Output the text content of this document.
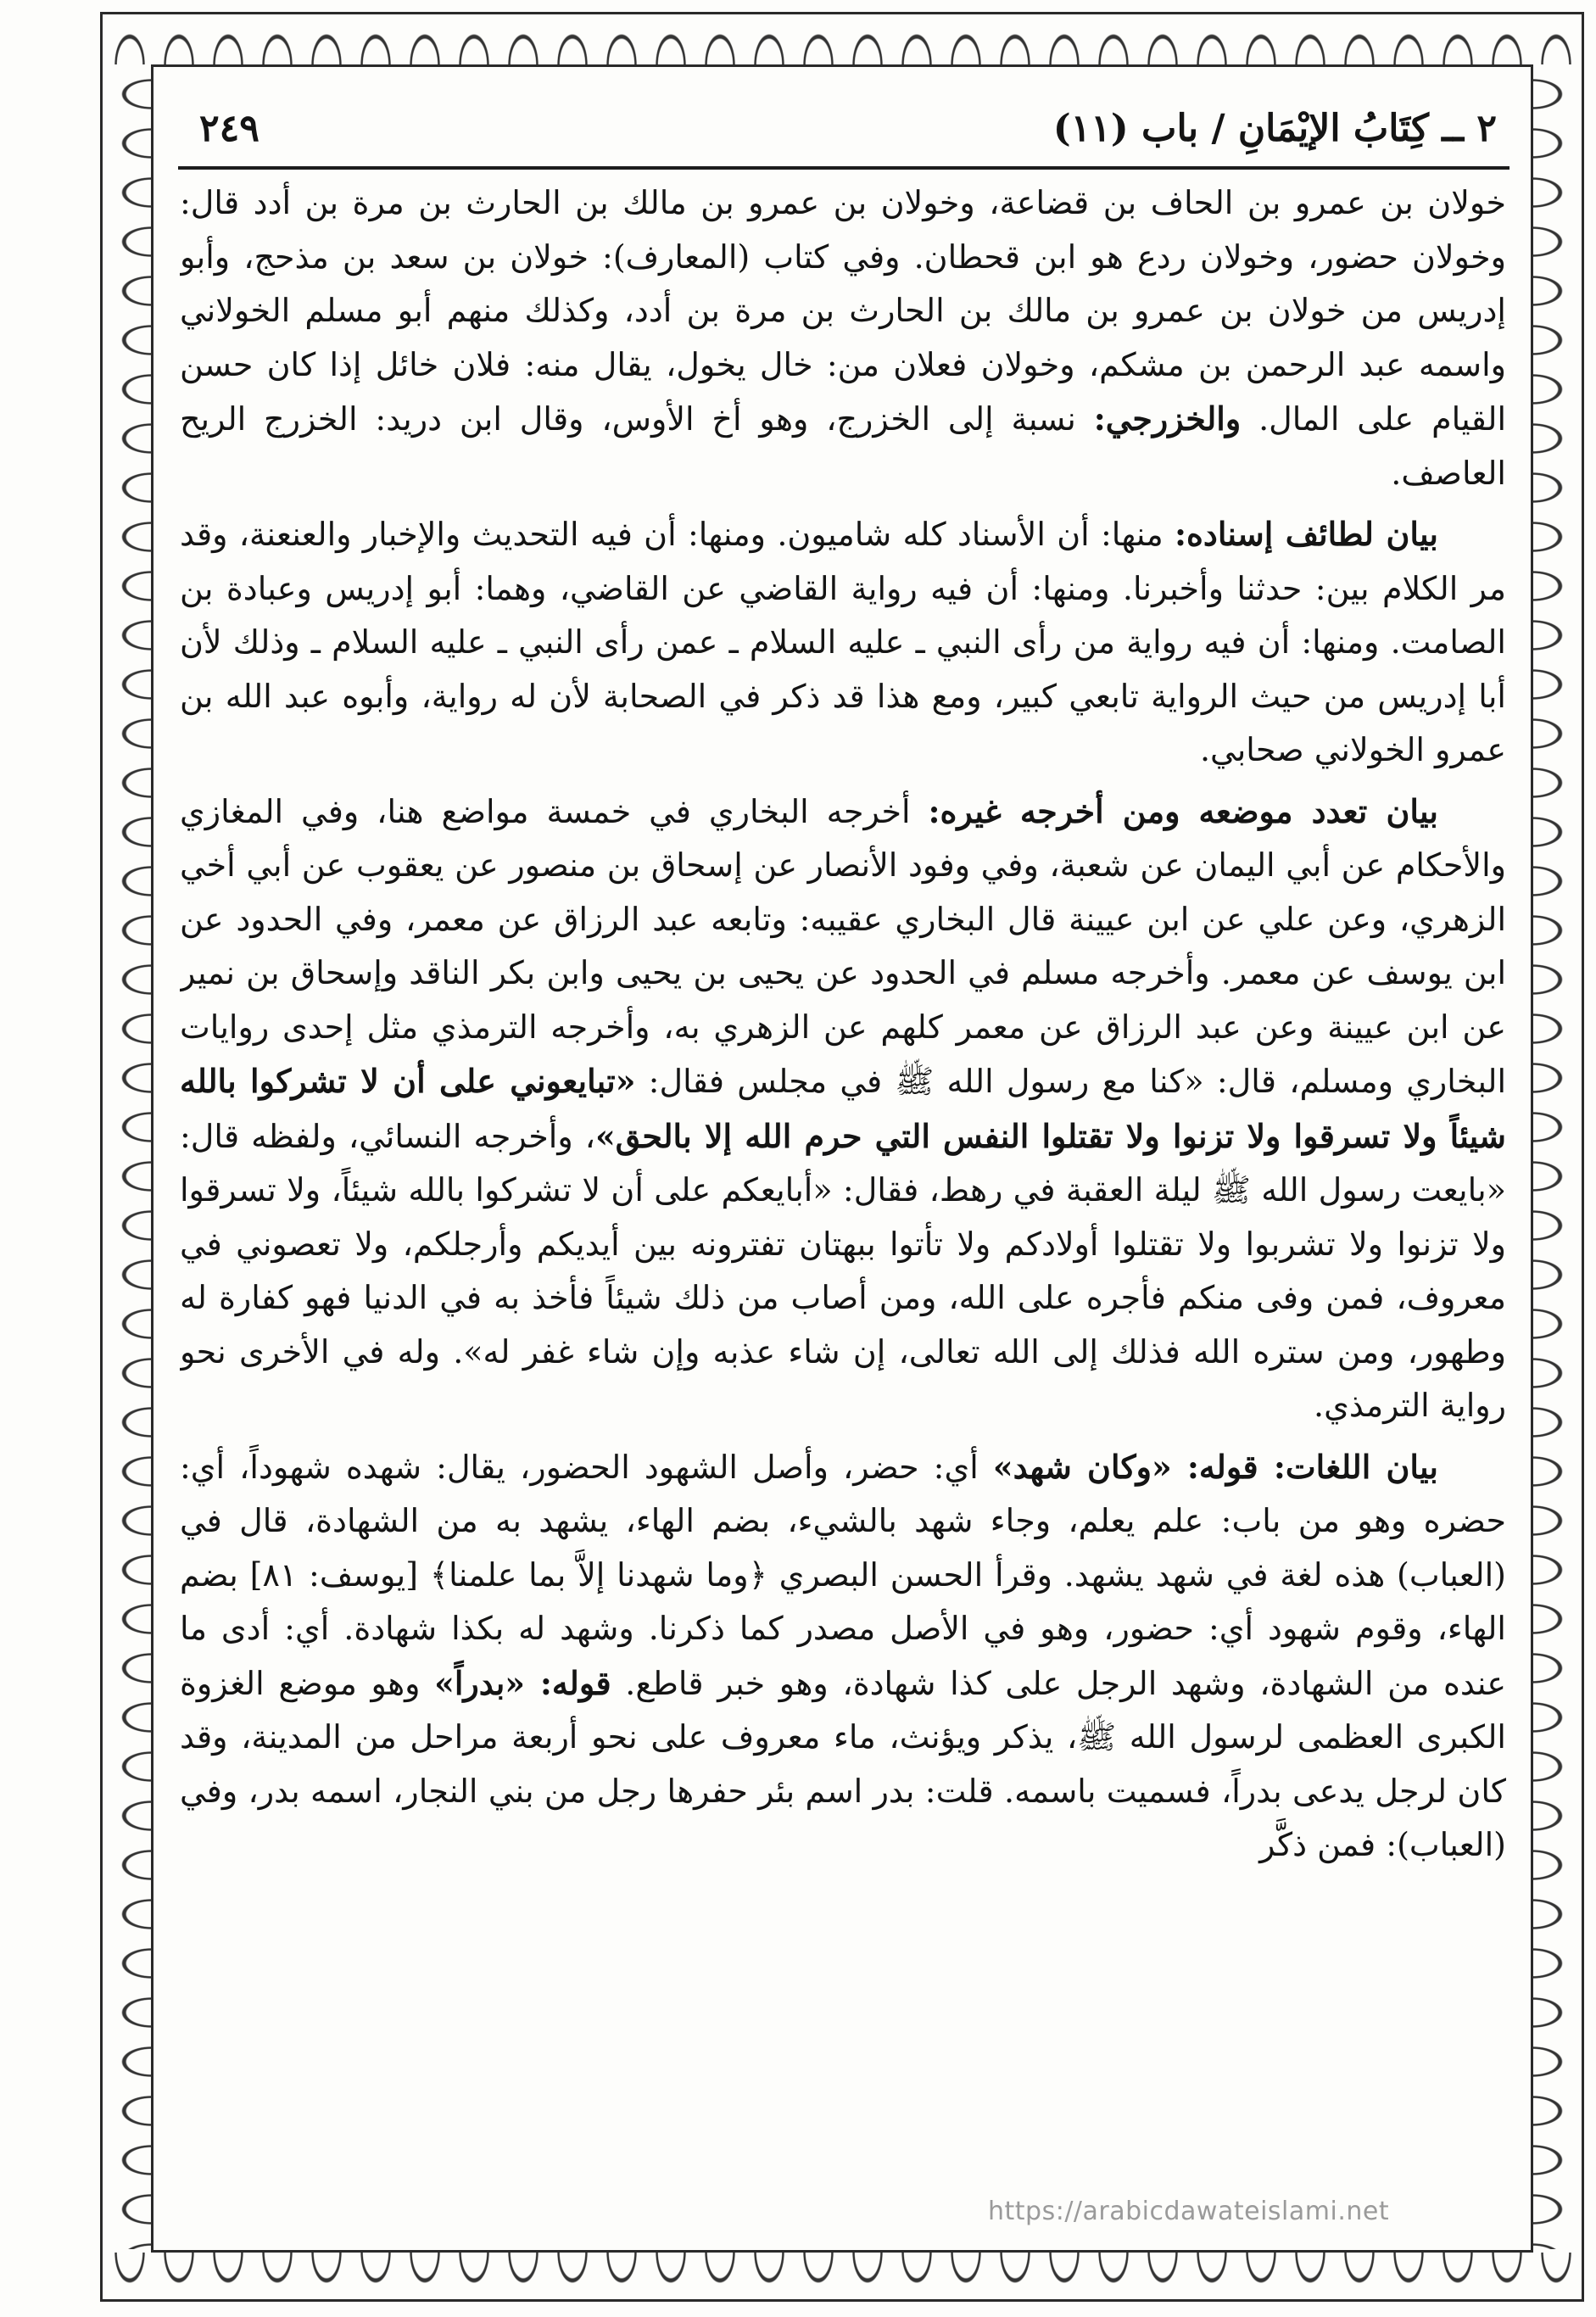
٢ ــ كِتَابُ الإيْمَانِ / باب (١١)
٢٤٩

خولان بن عمرو بن الحاف بن قضاعة، وخولان بن عمرو بن مالك بن الحارث بن مرة بن أدد قال: وخولان حضور، وخولان ردع هو ابن قحطان. وفي كتاب (المعارف): خولان بن سعد بن مذحج، وأبو إدريس من خولان بن عمرو بن مالك بن الحارث بن مرة بن أدد، وكذلك منهم أبو مسلم الخولاني واسمه عبد الرحمن بن مشكم، وخولان فعلان من: خال يخول، يقال منه: فلان خائل إذا كان حسن القيام على المال. والخزرجي: نسبة إلى الخزرج، وهو أخ الأوس، وقال ابن دريد: الخزرج الريح العاصف.

بيان لطائف إسناده: منها: أن الأسناد كله شاميون. ومنها: أن فيه التحديث والإخبار والعنعنة، وقد مر الكلام بين: حدثنا وأخبرنا. ومنها: أن فيه رواية القاضي عن القاضي، وهما: أبو إدريس وعبادة بن الصامت. ومنها: أن فيه رواية من رأى النبي ـ عليه السلام ـ عمن رأى النبي ـ عليه السلام ـ وذلك لأن أبا إدريس من حيث الرواية تابعي كبير، ومع هذا قد ذكر في الصحابة لأن له رواية، وأبوه عبد الله بن عمرو الخولاني صحابي.

بيان تعدد موضعه ومن أخرجه غيره: أخرجه البخاري في خمسة مواضع هنا، وفي المغازي والأحكام عن أبي اليمان عن شعبة، وفي وفود الأنصار عن إسحاق بن منصور عن يعقوب عن أبي أخي الزهري، وعن علي عن ابن عيينة قال البخاري عقيبه: وتابعه عبد الرزاق عن معمر، وفي الحدود عن ابن يوسف عن معمر. وأخرجه مسلم في الحدود عن يحيى بن يحيى وابن بكر الناقد وإسحاق بن نمير عن ابن عيينة وعن عبد الرزاق عن معمر كلهم عن الزهري به، وأخرجه الترمذي مثل إحدى روايات البخاري ومسلم، قال: «كنا مع رسول الله ﷺ في مجلس فقال: «تبايعوني على أن لا تشركوا بالله شيئاً ولا تسرقوا ولا تزنوا ولا تقتلوا النفس التي حرم الله إلا بالحق»، وأخرجه النسائي، ولفظه قال: «بايعت رسول الله ﷺ ليلة العقبة في رهط، فقال: «أبايعكم على أن لا تشركوا بالله شيئاً، ولا تسرقوا ولا تزنوا ولا تشربوا ولا تقتلوا أولادكم ولا تأتوا ببهتان تفترونه بين أيديكم وأرجلكم، ولا تعصوني في معروف، فمن وفى منكم فأجره على الله، ومن أصاب من ذلك شيئاً فأخذ به في الدنيا فهو كفارة له وطهور، ومن ستره الله فذلك إلى الله تعالى، إن شاء عذبه وإن شاء غفر له». وله في الأخرى نحو رواية الترمذي.

بيان اللغات: قوله: «وكان شهد» أي: حضر، وأصل الشهود الحضور، يقال: شهده شهوداً، أي: حضره وهو من باب: علم يعلم، وجاء شهد بالشيء، بضم الهاء، يشهد به من الشهادة، قال في (العباب) هذه لغة في شهد يشهد. وقرأ الحسن البصري ﴿وما شهدنا إلاَّ بما علمنا﴾ [يوسف: ٨١] بضم الهاء، وقوم شهود أي: حضور، وهو في الأصل مصدر كما ذكرنا. وشهد له بكذا شهادة. أي: أدى ما عنده من الشهادة، وشهد الرجل على كذا شهادة، وهو خبر قاطع. قوله: «بدراً» وهو موضع الغزوة الكبرى العظمى لرسول الله ﷺ، يذكر ويؤنث، ماء معروف على نحو أربعة مراحل من المدينة، وقد كان لرجل يدعى بدراً، فسميت باسمه. قلت: بدر اسم بئر حفرها رجل من بني النجار، اسمه بدر، وفي (العباب): فمن ذكَّر

https://arabicdawateislami.net
